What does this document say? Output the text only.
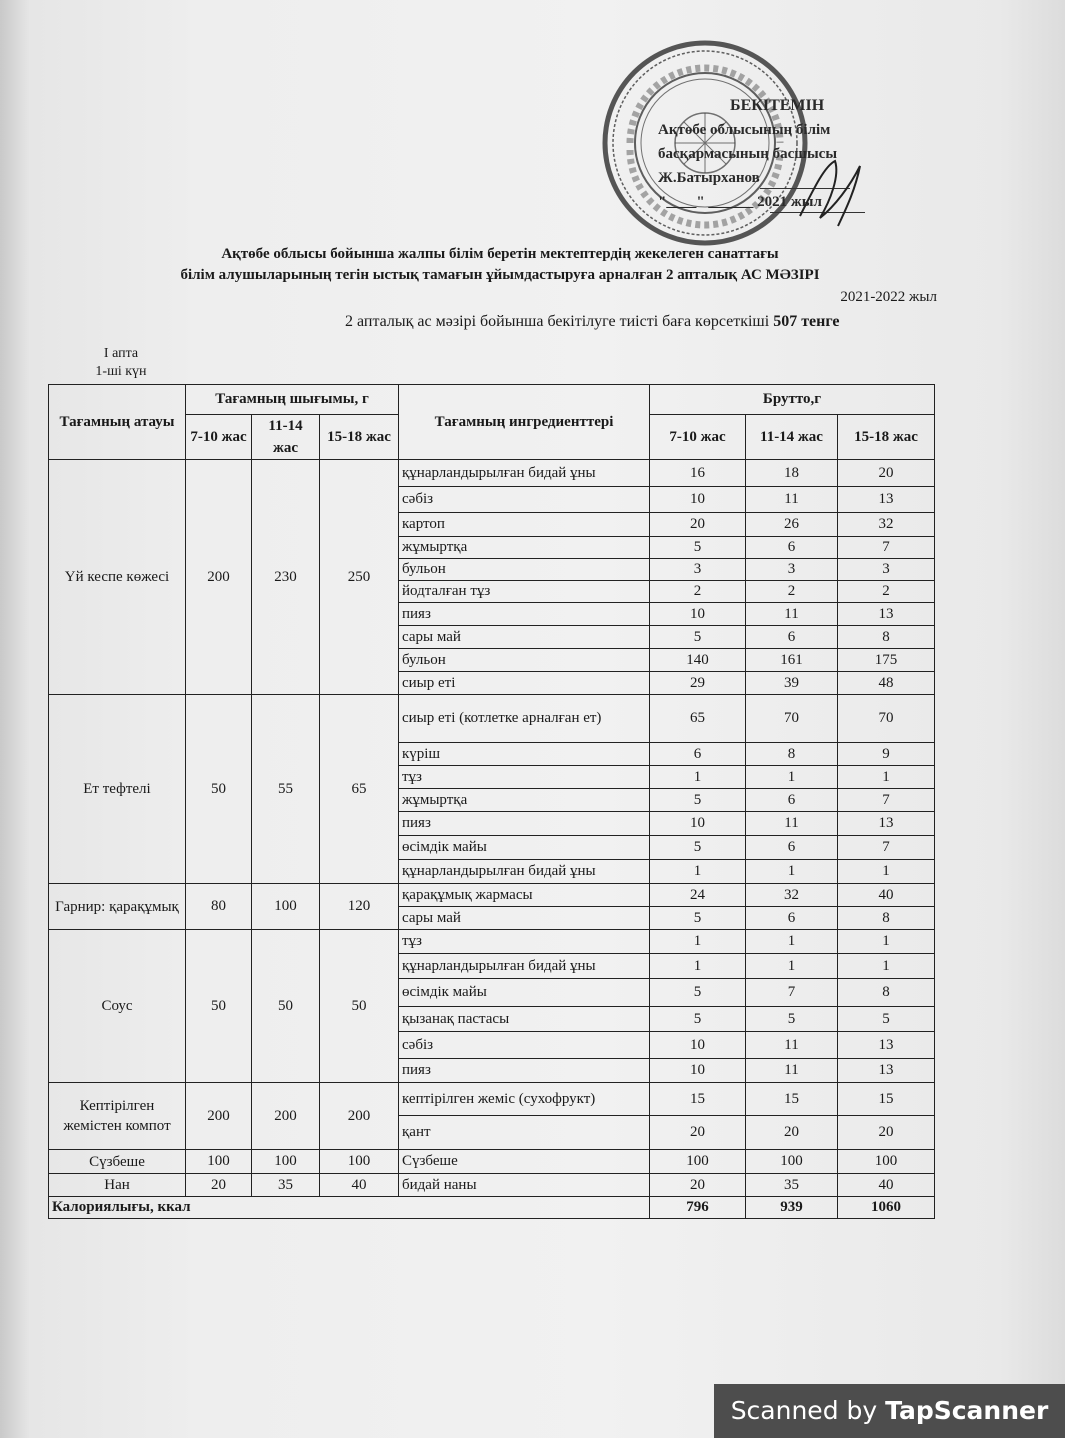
БЕКІТЕМІН
Ақтөбе облысының білім
басқармасының басшысы
Ж.Батырханов
"____" ______ 2021 жыл
Ақтөбе облысы бойынша жалпы білім беретін мектептердің жекелеген санаттағы
білім алушыларының тегін ыстық тамағын ұйымдастыруға арналған 2 апталық АС МӘЗІРІ
2021-2022 жыл
2 апталық ас мәзірі бойынша бекітілуге тиісті баға көрсеткіші 507 тенге
I апта
1-ші күн
Тағамның атауы	Тағамның шығымы, г			Тағамның ингредиенттері	Брутто,г		
	7-10 жас	11-14 жас	15-18 жас		7-10 жас	11-14 жас	15-18 жас
Үй кеспе көжесі	200	230	250	құнарландырылған бидай ұны	16	18	20
				сәбіз	10	11	13
				картоп	20	26	32
				жұмыртқа	5	6	7
				бульон	3	3	3
				йодталған тұз	2	2	2
				пияз	10	11	13
				сары май	5	6	8
				бульон	140	161	175
				сиыр еті	29	39	48
Ет тефтелі	50	55	65	сиыр еті (котлетке арналған ет)	65	70	70
				күріш	6	8	9
				тұз	1	1	1
				жұмыртқа	5	6	7
				пияз	10	11	13
				өсімдік майы	5	6	7
				құнарландырылған бидай ұны	1	1	1
Гарнир: қарақұмық	80	100	120	қарақұмық жармасы	24	32	40
				сары май	5	6	8
Соус	50	50	50	тұз	1	1	1
				құнарландырылған бидай ұны	1	1	1
				өсімдік майы	5	7	8
				қызанақ пастасы	5	5	5
				сәбіз	10	11	13
				пияз	10	11	13
Кептірілген жемістен компот	200	200	200	кептірілген жеміс (сухофрукт)	15	15	15
				қант	20	20	20
Сүзбеше	100	100	100	Сүзбеше	100	100	100
Нан	20	35	40	бидай наны	20	35	40
Калориялығы, ккал					796	939	1060
Scanned by TapScanner
